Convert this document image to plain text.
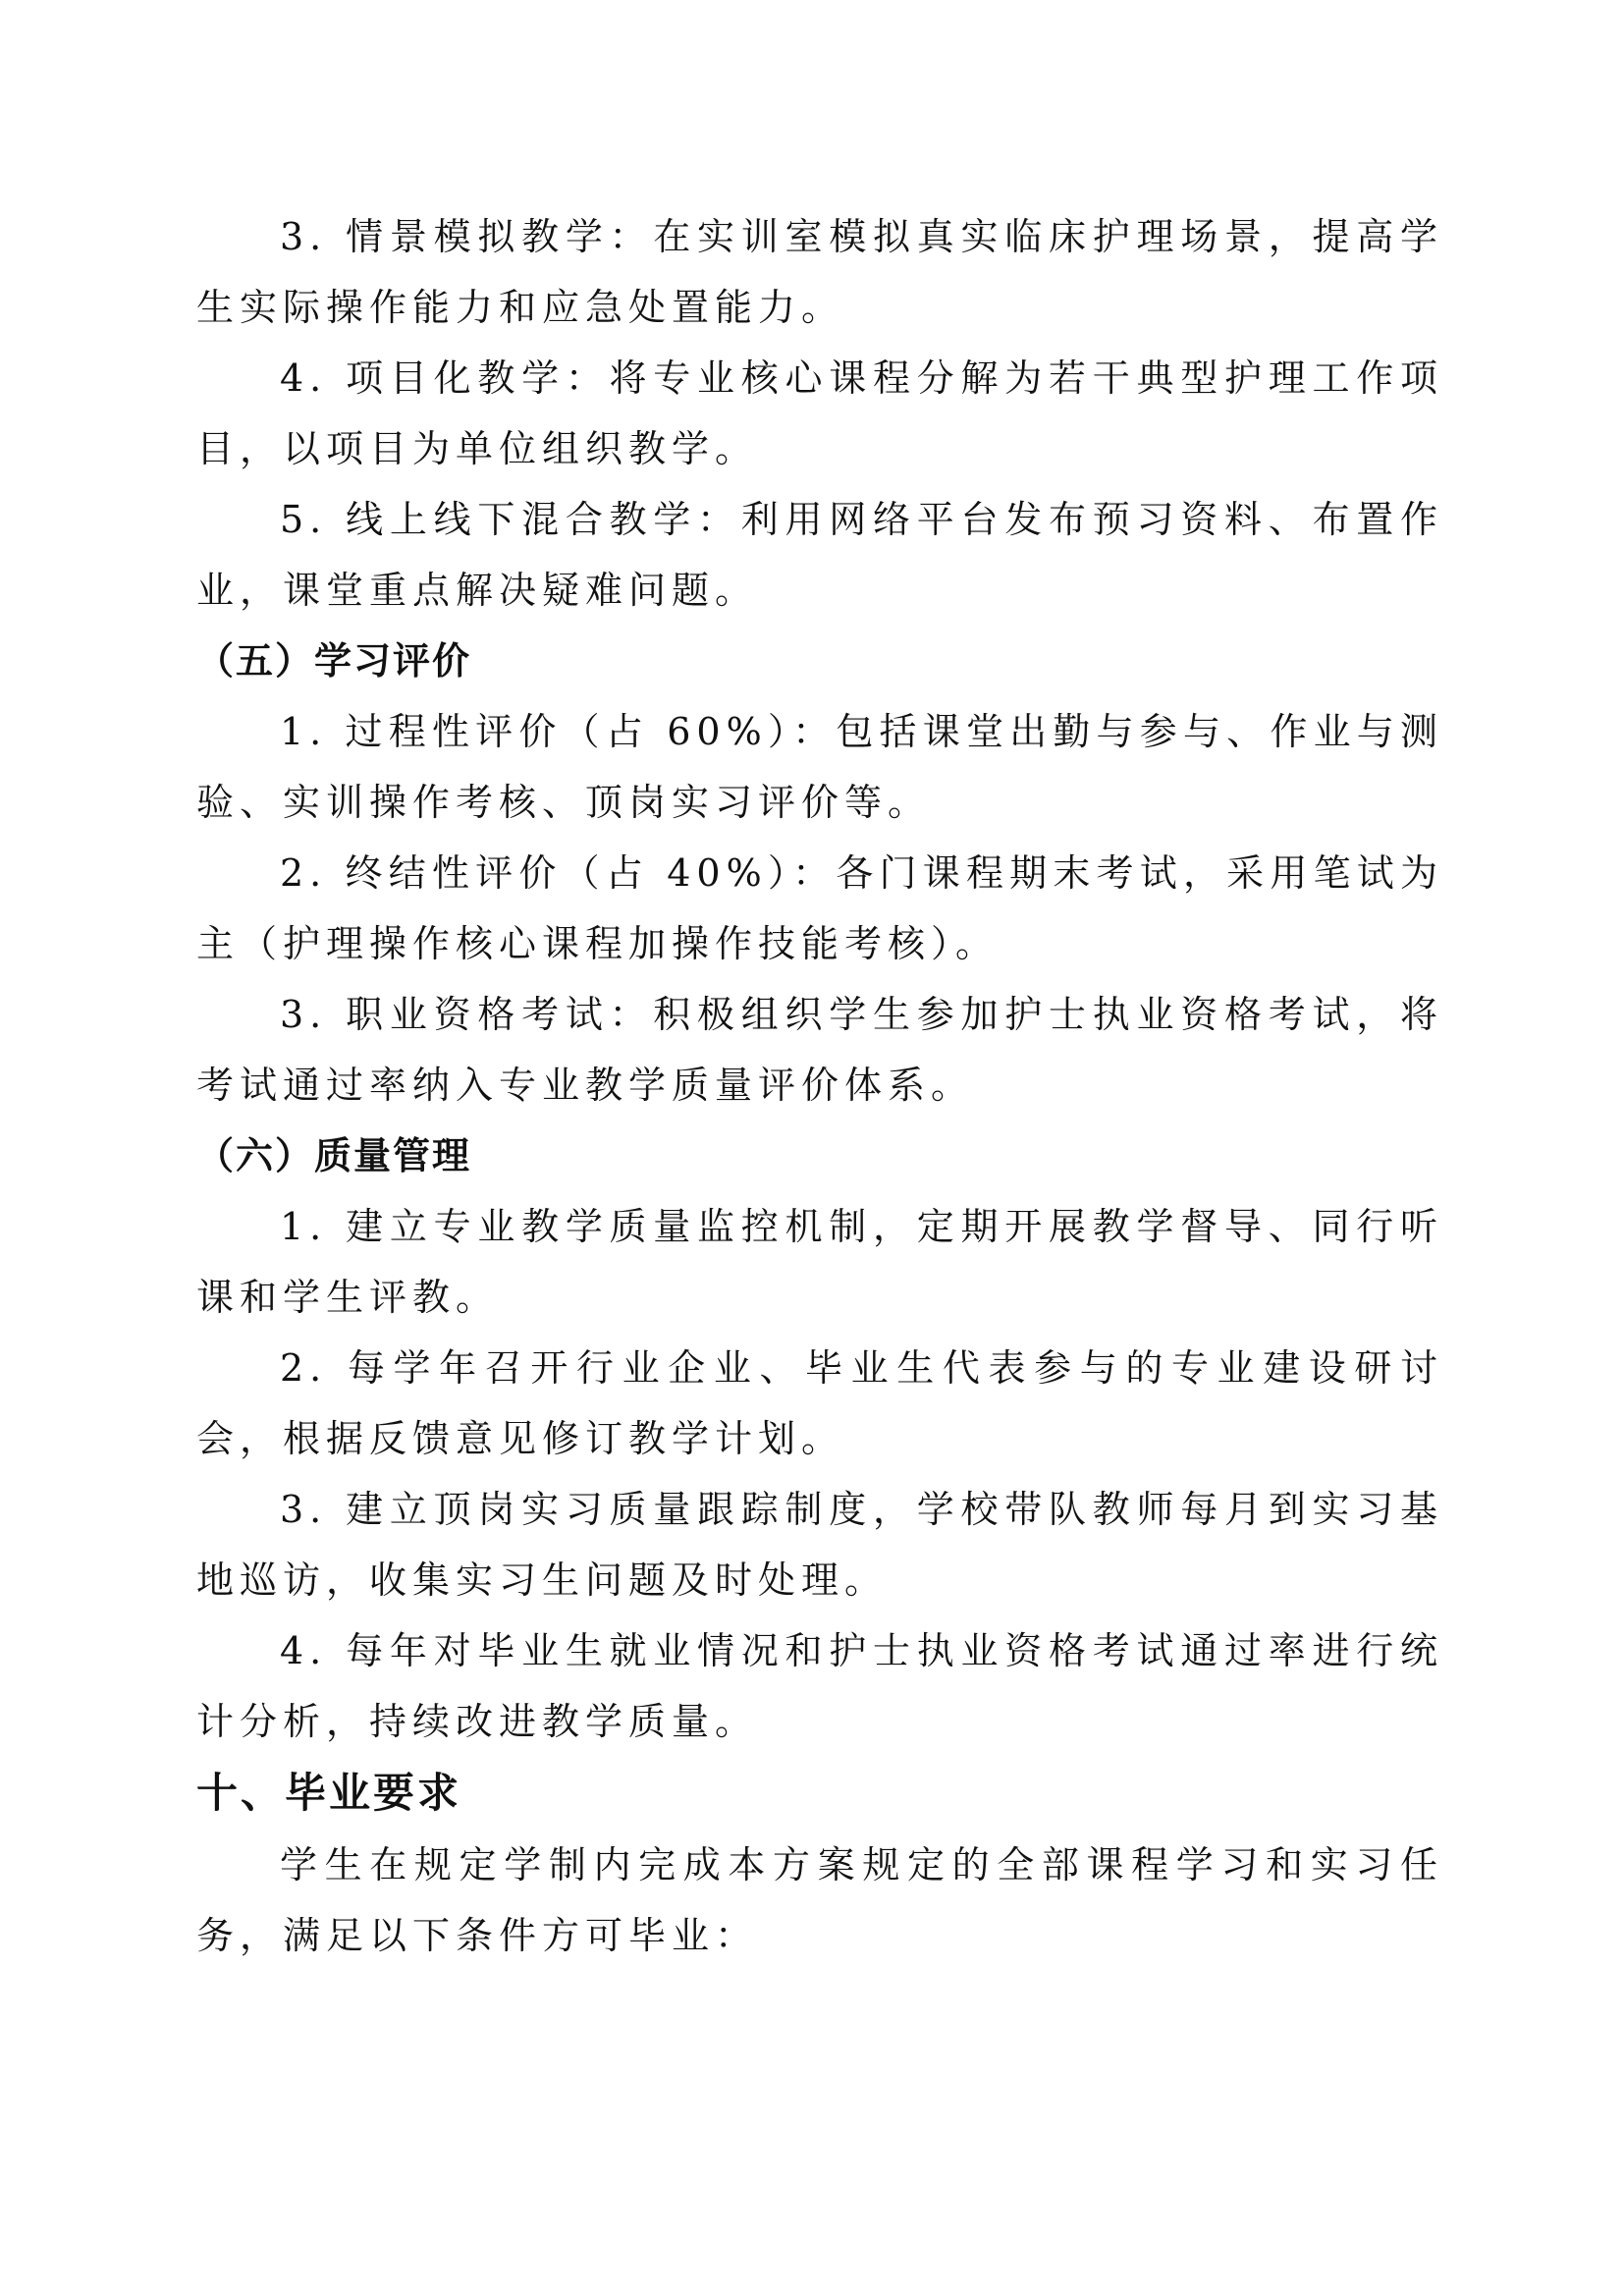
3. 情景模拟教学：在实训室模拟真实临床护理场景，提高学生实际操作能力和应急处置能力。

4. 项目化教学：将专业核心课程分解为若干典型护理工作项目，以项目为单位组织教学。

5. 线上线下混合教学：利用网络平台发布预习资料、布置作业，课堂重点解决疑难问题。

（五）学习评价

1. 过程性评价（占 60%）：包括课堂出勤与参与、作业与测验、实训操作考核、顶岗实习评价等。

2. 终结性评价（占 40%）：各门课程期末考试，采用笔试为主（护理操作核心课程加操作技能考核）。

3. 职业资格考试：积极组织学生参加护士执业资格考试，将考试通过率纳入专业教学质量评价体系。

（六）质量管理

1. 建立专业教学质量监控机制，定期开展教学督导、同行听课和学生评教。

2. 每学年召开行业企业、毕业生代表参与的专业建设研讨会，根据反馈意见修订教学计划。

3. 建立顶岗实习质量跟踪制度，学校带队教师每月到实习基地巡访，收集实习生问题及时处理。

4. 每年对毕业生就业情况和护士执业资格考试通过率进行统计分析，持续改进教学质量。

十、毕业要求

学生在规定学制内完成本方案规定的全部课程学习和实习任务，满足以下条件方可毕业：
